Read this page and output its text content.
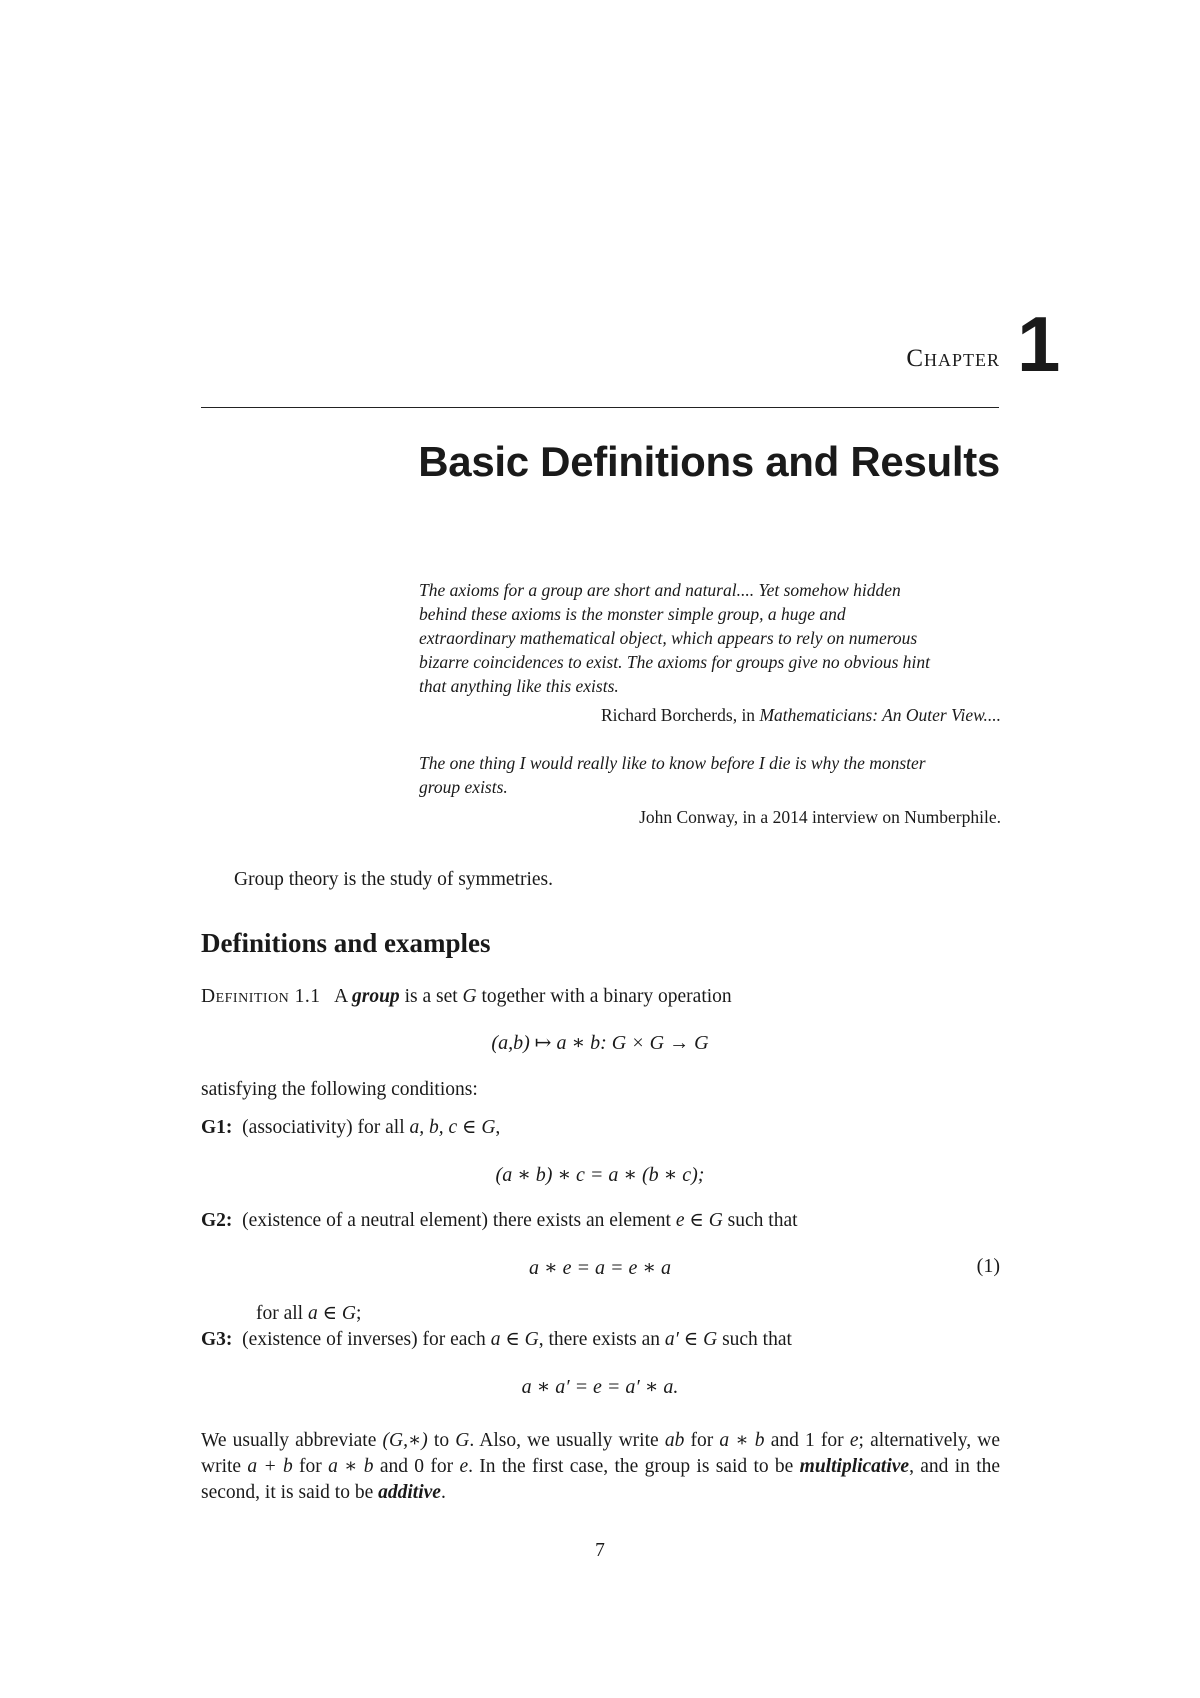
Chapter 1
Basic Definitions and Results
The axioms for a group are short and natural.... Yet somehow hidden
behind these axioms is the monster simple group, a huge and
extraordinary mathematical object, which appears to rely on numerous
bizarre coincidences to exist. The axioms for groups give no obvious hint
that anything like this exists.
Richard Borcherds, in Mathematicians: An Outer View....
The one thing I would really like to know before I die is why the monster
group exists.
John Conway, in a 2014 interview on Numberphile.
Group theory is the study of symmetries.
Definitions and examples
Definition 1.1 A group is a set G together with a binary operation
(a,b) ↦ a ∗ b: G × G → G
satisfying the following conditions:
G1: (associativity) for all a, b, c ∈ G,
(a ∗ b) ∗ c = a ∗ (b ∗ c);
G2: (existence of a neutral element) there exists an element e ∈ G such that
a ∗ e = a = e ∗ a	(1)
for all a ∈ G;
G3: (existence of inverses) for each a ∈ G, there exists an a′ ∈ G such that
a ∗ a′ = e = a′ ∗ a.
We usually abbreviate (G,∗) to G. Also, we usually write ab for a ∗ b and 1 for e; alternatively, we write a + b for a ∗ b and 0 for e. In the first case, the group is said to be multiplicative, and in the second, it is said to be additive.
7
